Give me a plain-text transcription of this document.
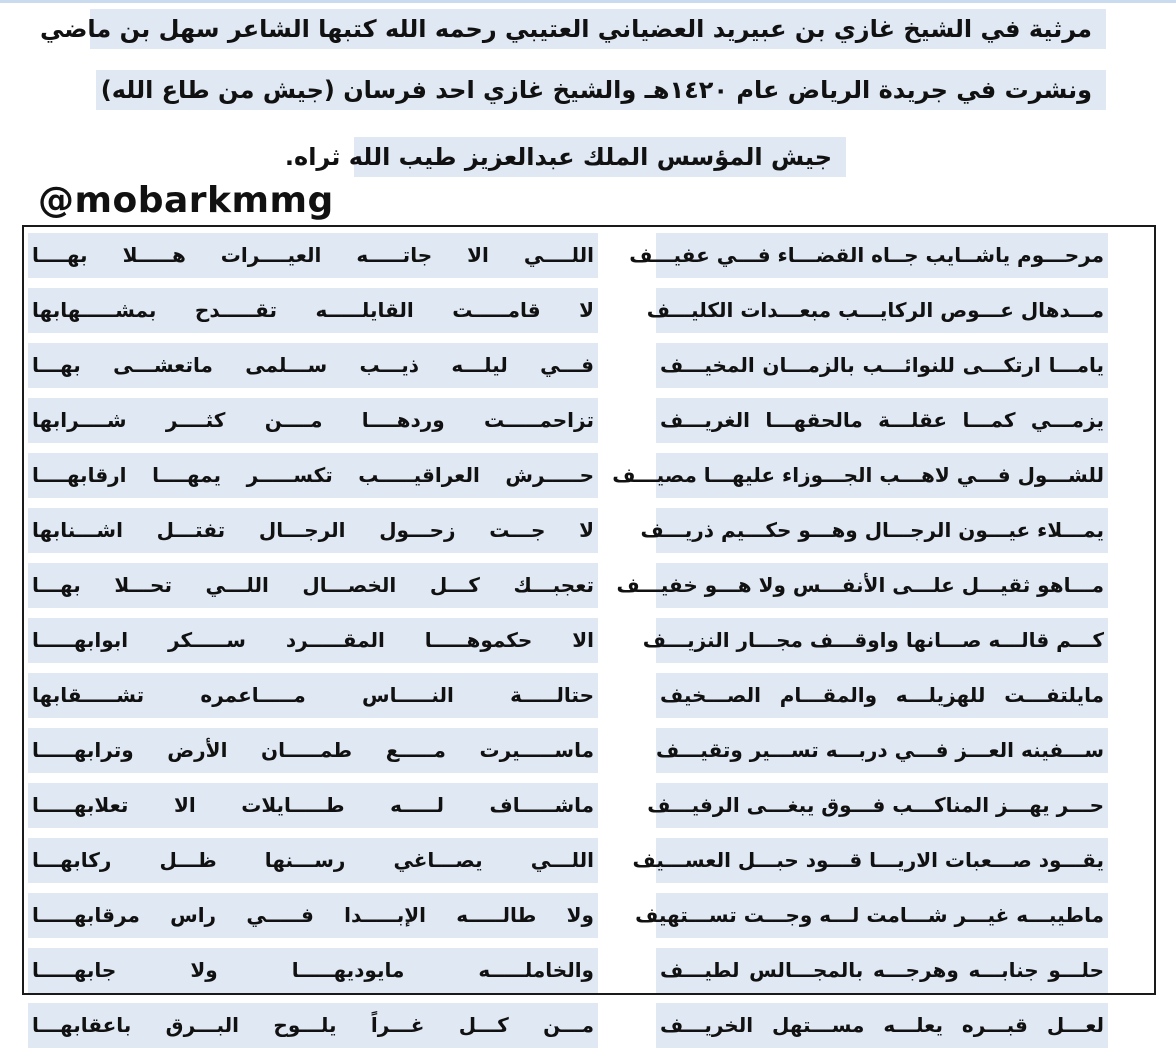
مرثية في الشيخ غازي بن عبيريد العضياني العتيبي رحمه الله كتبها الشاعر سهل بن ماضي
ونشرت في جريدة الرياض عام ١٤٢٠هـ والشيخ غازي احد فرسان (جيش من طاع الله)
جيش المؤسس الملك عبدالعزيز طيب الله ثراه.
@mobarkmmg
مرحـــوم ياشــايب جــاه القضـــاء فـــي عفيـــف
مـــدهال عـــوص الركايـــب مبعـــدات الكليـــف
يامـــا ارتكـــى للنوائـــب بالزمـــان المخيـــف
يزمـــي كمـــا عقلـــة مالحقهـــا الغريـــف
للشـــول فـــي لاهـــب الجـــوزاء عليهـــا مصيـــف
يمـــلاء عيـــون الرجـــال وهـــو حكـــيم ذريـــف
مـــاهو ثقيـــل علـــى الأنفـــس ولا هـــو خفيـــف
كـــم قالـــه صـــانها واوقـــف مجـــار النزيـــف
مايلتفـــت للهزيلـــه والمقـــام الصـــخيف
ســـفينه العـــز فـــي دربـــه تســـير وتقيـــف
حـــر يهـــز المناكـــب فـــوق يبغـــى الرفيـــف
يقـــود صـــعبات الاريـــا قـــود حبـــل العســـيف
ماطيبـــه غيـــر شـــامت لـــه وجـــت تســـتهيف
حلـــو جنابـــه وهرجـــه بالمجـــالس لطيـــف
لعـــل قبـــره يعلـــه مســـتهل الخريـــف
اللــــي الا جاتـــــه العيــــرات هـــــلا بهــــا
لا قامـــــت القايلـــــه تقـــــدح بمشـــــهابها
فـــي ليلـــه ذيـــب ســـلمى ماتعشـــى بهـــا
تزاحمـــــت وردهــــا مــــن كثــــر شــــرابها
حـــــرش العراقيـــــب تكســـــر يمهــــا ارقابهــــا
لا جـــت زحـــول الرجـــال تفتـــل اشـــنابها
تعجبـــك كـــل الخصـــال اللـــي تحـــلا بهـــا
الا حكموهـــــا المقـــــرد ســـــكر ابوابهـــــا
حتالـــــة النـــــاس مـــــاعمره تشـــــقابها
ماســـــيرت مـــــع طمـــــان الأرض وترابهـــــا
ماشـــــاف لـــــه طـــــايلات الا تعلابهـــــا
اللـــي يصـــاغي رســـنها ظـــل ركابهـــا
ولا طالـــــه الإبـــــدا فـــــي راس مرقابهـــــا
والخاملـــــه مايوديهـــــا ولا جابهـــــا
مـــن كـــل غـــراً يلـــوح البـــرق باعقابهـــا
